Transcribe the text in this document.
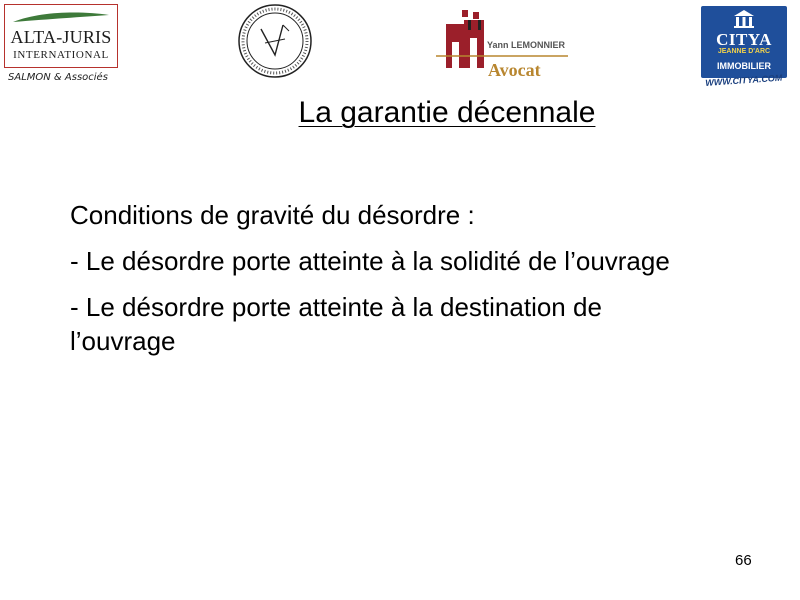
ALTA-JURIS
INTERNATIONAL
SALMON & Associés
Yann LEMONNIER
Avocat
CITYA
JEANNE D'ARC
IMMOBILIER
WWW.CITYA.COM
La garantie décennale

Conditions de gravité du désordre :

- Le désordre porte atteinte à la solidité de l’ouvrage

- Le désordre porte atteinte à la destination de l’ouvrage

66
